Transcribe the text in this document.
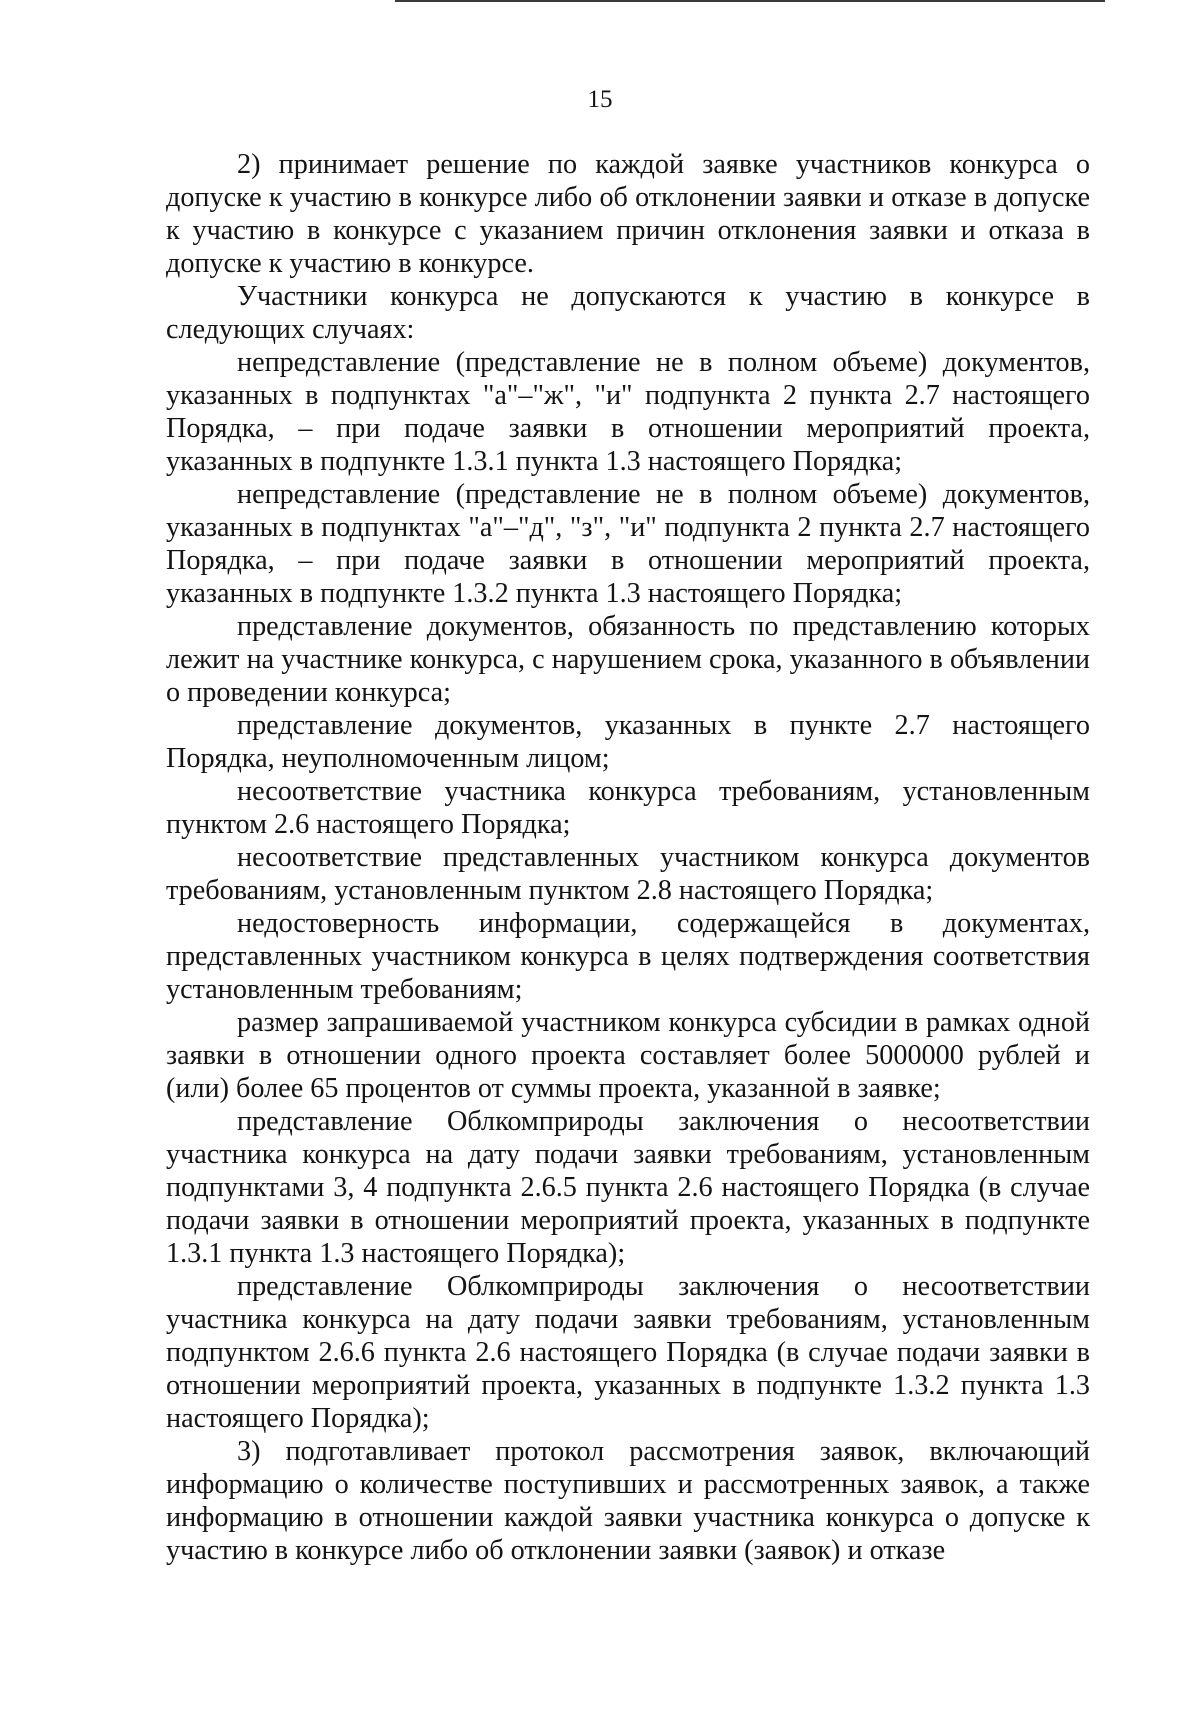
15

2) принимает решение по каждой заявке участников конкурса о допуске к участию в конкурсе либо об отклонении заявки и отказе в допуске к участию в конкурсе с указанием причин отклонения заявки и отказа в допуске к участию в конкурсе.

Участники конкурса не допускаются к участию в конкурсе в следующих случаях:

непредставление (представление не в полном объеме) документов, указанных в подпунктах "а"–"ж", "и" подпункта 2 пункта 2.7 настоящего Порядка, – при подаче заявки в отношении мероприятий проекта, указанных в подпункте 1.3.1 пункта 1.3 настоящего Порядка;

непредставление (представление не в полном объеме) документов, указанных в подпунктах "а"–"д", "з", "и" подпункта 2 пункта 2.7 настоящего Порядка, – при подаче заявки в отношении мероприятий проекта, указанных в подпункте 1.3.2 пункта 1.3 настоящего Порядка;

представление документов, обязанность по представлению которых лежит на участнике конкурса, с нарушением срока, указанного в объявлении о проведении конкурса;

представление документов, указанных в пункте 2.7 настоящего Порядка, неуполномоченным лицом;

несоответствие участника конкурса требованиям, установленным пунктом 2.6 настоящего Порядка;

несоответствие представленных участником конкурса документов требованиям, установленным пунктом 2.8 настоящего Порядка;

недостоверность информации, содержащейся в документах, представленных участником конкурса в целях подтверждения соответствия установленным требованиям;

размер запрашиваемой участником конкурса субсидии в рамках одной заявки в отношении одного проекта составляет более 5000000 рублей и (или) более 65 процентов от суммы проекта, указанной в заявке;

представление Облкомприроды заключения о несоответствии участника конкурса на дату подачи заявки требованиям, установленным подпунктами 3, 4 подпункта 2.6.5 пункта 2.6 настоящего Порядка (в случае подачи заявки в отношении мероприятий проекта, указанных в подпункте 1.3.1 пункта 1.3 настоящего Порядка);

представление Облкомприроды заключения о несоответствии участника конкурса на дату подачи заявки требованиям, установленным подпунктом 2.6.6 пункта 2.6 настоящего Порядка (в случае подачи заявки в отношении мероприятий проекта, указанных в подпункте 1.3.2 пункта 1.3 настоящего Порядка);

3) подготавливает протокол рассмотрения заявок, включающий информацию о количестве поступивших и рассмотренных заявок, а также информацию в отношении каждой заявки участника конкурса о допуске к участию в конкурсе либо об отклонении заявки (заявок) и отказе
